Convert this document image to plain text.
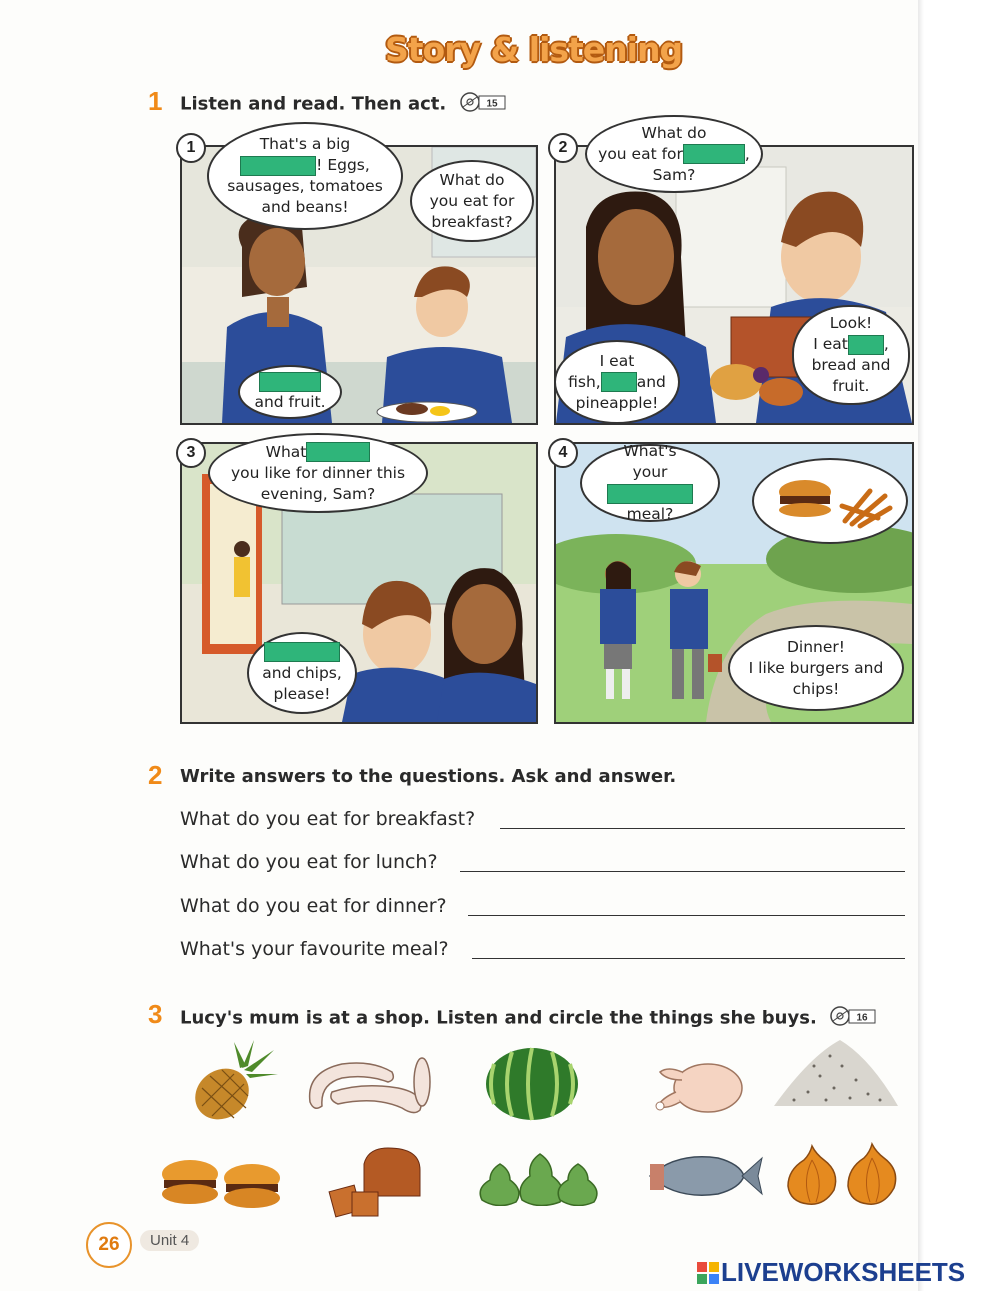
Story & listening
1 Listen and read. Then act.	15
1	That's a big
! Eggs,
sausages, tomatoes
and beans!
What do
you eat for
breakfast?

and fruit.
2
What do
you eat for	,
Sam?
Look!
I eat ,
bread and
fruit.
I eat
fish, and
pineapple!
3	What
you like for dinner this
evening, Sam?

and chips,
please!
4	What's
your
meal?
Dinner!
I like burgers and
chips!
2 Write answers to the questions. Ask and answer.
What do you eat for breakfast?
What do you eat for lunch?
What do you eat for dinner?
What's your favourite meal?
3 Lucy's mum is at a shop. Listen and circle the things she buys.	16
26	Unit 4
LIVEWORKSHEETS
